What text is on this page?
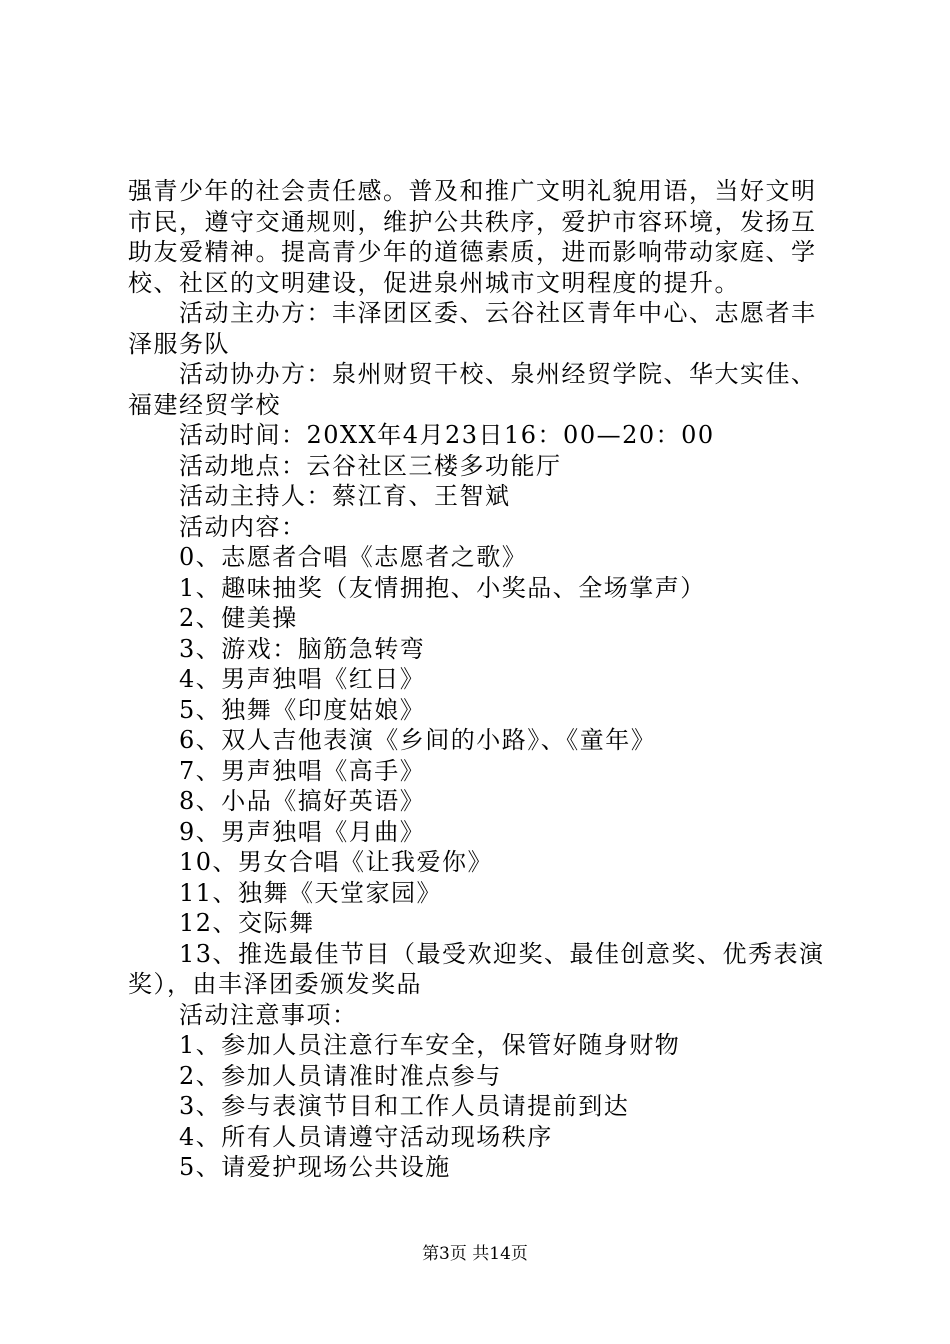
强青少年的社会责任感。普及和推广文明礼貌用语，当好文明市民，遵守交通规则，维护公共秩序，爱护市容环境，发扬互助友爱精神。提高青少年的道德素质，进而影响带动家庭、学校、社区的文明建设，促进泉州城市文明程度的提升。

活动主办方：丰泽团区委、云谷社区青年中心、志愿者丰泽服务队

活动协办方：泉州财贸干校、泉州经贸学院、华大实佳、福建经贸学校

活动时间：20XX年4月23日16：00—20：00

活动地点：云谷社区三楼多功能厅

活动主持人：蔡江育、王智斌

活动内容：

0、志愿者合唱《志愿者之歌》

1、趣味抽奖（友情拥抱、小奖品、全场掌声）

2、健美操

3、游戏：脑筋急转弯

4、男声独唱《红日》

5、独舞《印度姑娘》

6、双人吉他表演《乡间的小路》、《童年》

7、男声独唱《高手》

8、小品《搞好英语》

9、男声独唱《月曲》

10、男女合唱《让我爱你》

11、独舞《天堂家园》

12、交际舞

13、推选最佳节目（最受欢迎奖、最佳创意奖、优秀表演奖），由丰泽团委颁发奖品

活动注意事项：

1、参加人员注意行车安全，保管好随身财物

2、参加人员请准时准点参与

3、参与表演节目和工作人员请提前到达

4、所有人员请遵守活动现场秩序

5、请爱护现场公共设施

第3页 共14页
